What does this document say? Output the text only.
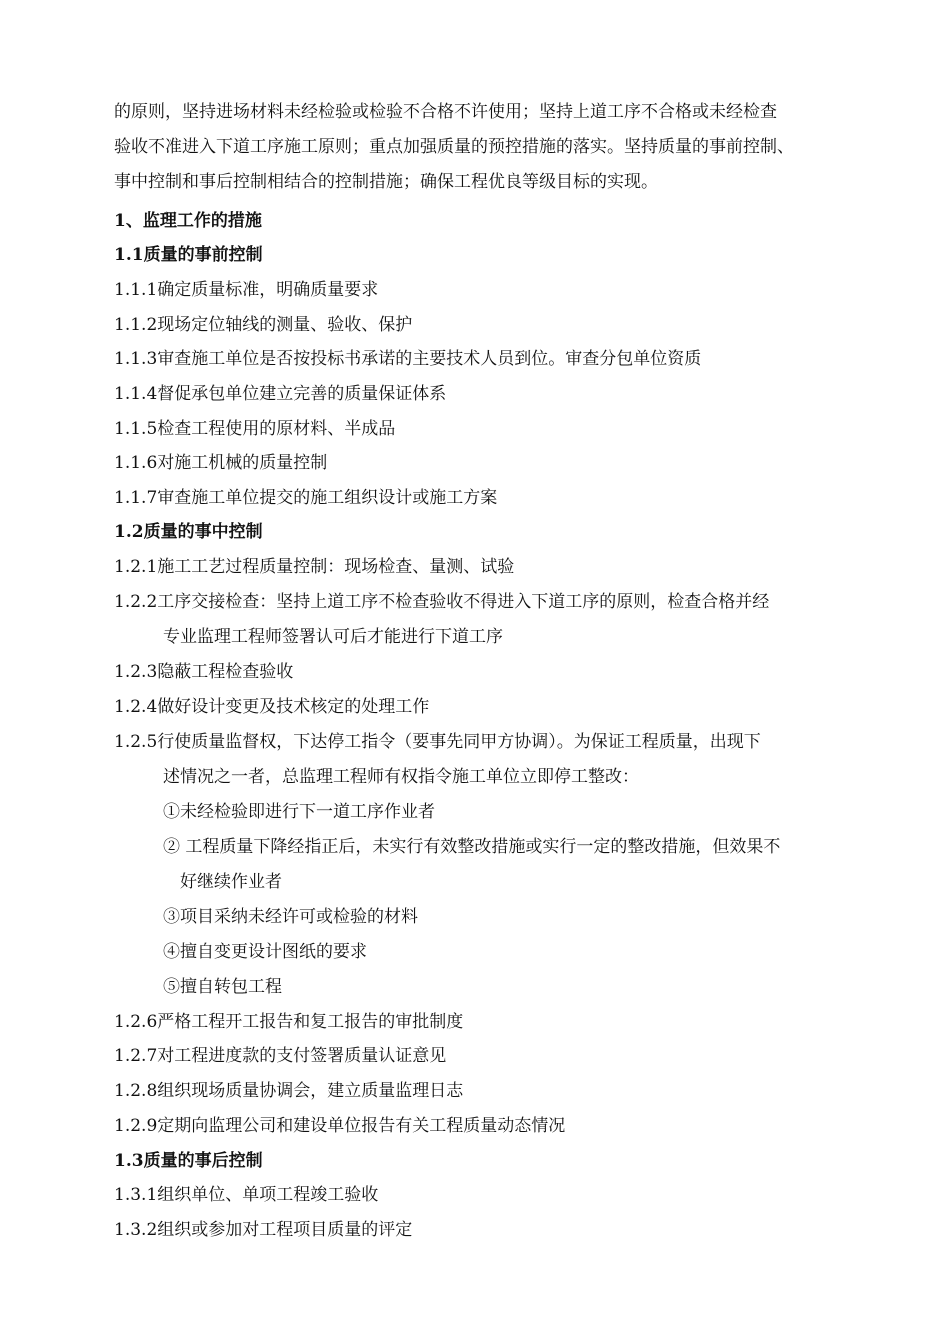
的原则，坚持进场材料未经检验或检验不合格不许使用；坚持上道工序不合格或未经检查
验收不准进入下道工序施工原则；重点加强质量的预控措施的落实。坚持质量的事前控制、
事中控制和事后控制相结合的控制措施；确保工程优良等级目标的实现。
1、监理工作的措施
1.1质量的事前控制
1.1.1确定质量标准，明确质量要求
1.1.2现场定位轴线的测量、验收、保护
1.1.3审查施工单位是否按投标书承诺的主要技术人员到位。审查分包单位资质
1.1.4督促承包单位建立完善的质量保证体系
1.1.5检查工程使用的原材料、半成品
1.1.6对施工机械的质量控制
1.1.7审查施工单位提交的施工组织设计或施工方案
1.2质量的事中控制
1.2.1施工工艺过程质量控制：现场检查、量测、试验
1.2.2工序交接检查：坚持上道工序不检查验收不得进入下道工序的原则，检查合格并经
专业监理工程师签署认可后才能进行下道工序
1.2.3隐蔽工程检查验收
1.2.4做好设计变更及技术核定的处理工作
1.2.5行使质量监督权，下达停工指令（要事先同甲方协调）。为保证工程质量，出现下
述情况之一者，总监理工程师有权指令施工单位立即停工整改：
①未经检验即进行下一道工序作业者
② 工程质量下降经指正后，未实行有效整改措施或实行一定的整改措施，但效果不
好继续作业者
③项目采纳未经许可或检验的材料
④擅自变更设计图纸的要求
⑤擅自转包工程
1.2.6严格工程开工报告和复工报告的审批制度
1.2.7对工程进度款的支付签署质量认证意见
1.2.8组织现场质量协调会，建立质量监理日志
1.2.9定期向监理公司和建设单位报告有关工程质量动态情况
1.3质量的事后控制
1.3.1组织单位、单项工程竣工验收
1.3.2组织或参加对工程项目质量的评定
